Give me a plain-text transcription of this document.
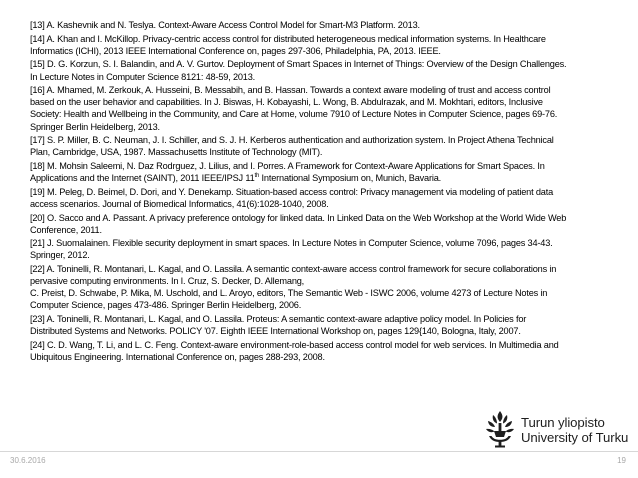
[13] A. Kashevnik and N. Teslya. Context-Aware Access Control Model for Smart-M3 Platform. 2013.
[14] A. Khan and I. McKillop. Privacy-centric access control for distributed heterogeneous medical information systems. In Healthcare
Informatics (ICHI), 2013 IEEE International Conference on, pages 297-306, Philadelphia, PA, 2013. IEEE.
[15] D. G. Korzun, S. I. Balandin, and A. V. Gurtov. Deployment of Smart Spaces in Internet of Things: Overview of the Design Challenges.
In Lecture Notes in Computer Science 8121: 48-59, 2013.
[16] A. Mhamed, M. Zerkouk, A. Husseini, B. Messabih, and B. Hassan. Towards a context aware modeling of trust and access control
based on the user behavior and capabilities. In J. Biswas, H. Kobayashi, L. Wong, B. Abdulrazak, and M. Mokhtari, editors, Inclusive
Society: Health and Wellbeing in the Community, and Care at Home, volume 7910 of Lecture Notes in Computer Science, pages 69-76.
Springer Berlin Heidelberg, 2013.
[17] S. P. Miller, B. C. Neuman, J. I. Schiller, and S. J. H. Kerberos authentication and authorization system. In Project Athena Technical
Plan, Cambridge, USA, 1987. Massachusetts Institute of Technology (MIT).
[18] M. Mohsin Saleemi, N. Daz Rodrguez, J. Lilius, and I. Porres. A Framework for Context-Aware Applications for Smart Spaces. In
Applications and the Internet (SAINT), 2011 IEEE/IPSJ 11th International Symposium on, Munich, Bavaria.
[19] M. Peleg, D. Beimel, D. Dori, and Y. Denekamp. Situation-based access control: Privacy management via modeling of patient data
access scenarios. Journal of Biomedical Informatics, 41(6):1028-1040, 2008.
[20] O. Sacco and A. Passant. A privacy preference ontology for linked data. In Linked Data on the Web Workshop at the World Wide Web
Conference, 2011.
[21] J. Suomalainen. Flexible security deployment in smart spaces. In Lecture Notes in Computer Science, volume 7096, pages 34-43.
Springer, 2012.
[22] A. Toninelli, R. Montanari, L. Kagal, and O. Lassila. A semantic context-aware access control framework for secure collaborations in
pervasive computing environments. In I. Cruz, S. Decker, D. Allemang,
C. Preist, D. Schwabe, P. Mika, M. Uschold, and L. Aroyo, editors, The Semantic Web - ISWC 2006, volume 4273 of Lecture Notes in
Computer Science, pages 473-486. Springer Berlin Heidelberg, 2006.
[23] A. Toninelli, R. Montanari, L. Kagal, and O. Lassila. Proteus: A semantic context-aware adaptive policy model. In Policies for
Distributed Systems and Networks. POLICY '07. Eighth IEEE International Workshop on, pages 129{140, Bologna, Italy, 2007.
[24] C. D. Wang, T. Li, and L. C. Feng. Context-aware environment-role-based access control model for web services. In Multimedia and
Ubiquitous Engineering. International Conference on, pages 288-293, 2008.
Turun yliopisto
University of Turku
30.6.2016	19
